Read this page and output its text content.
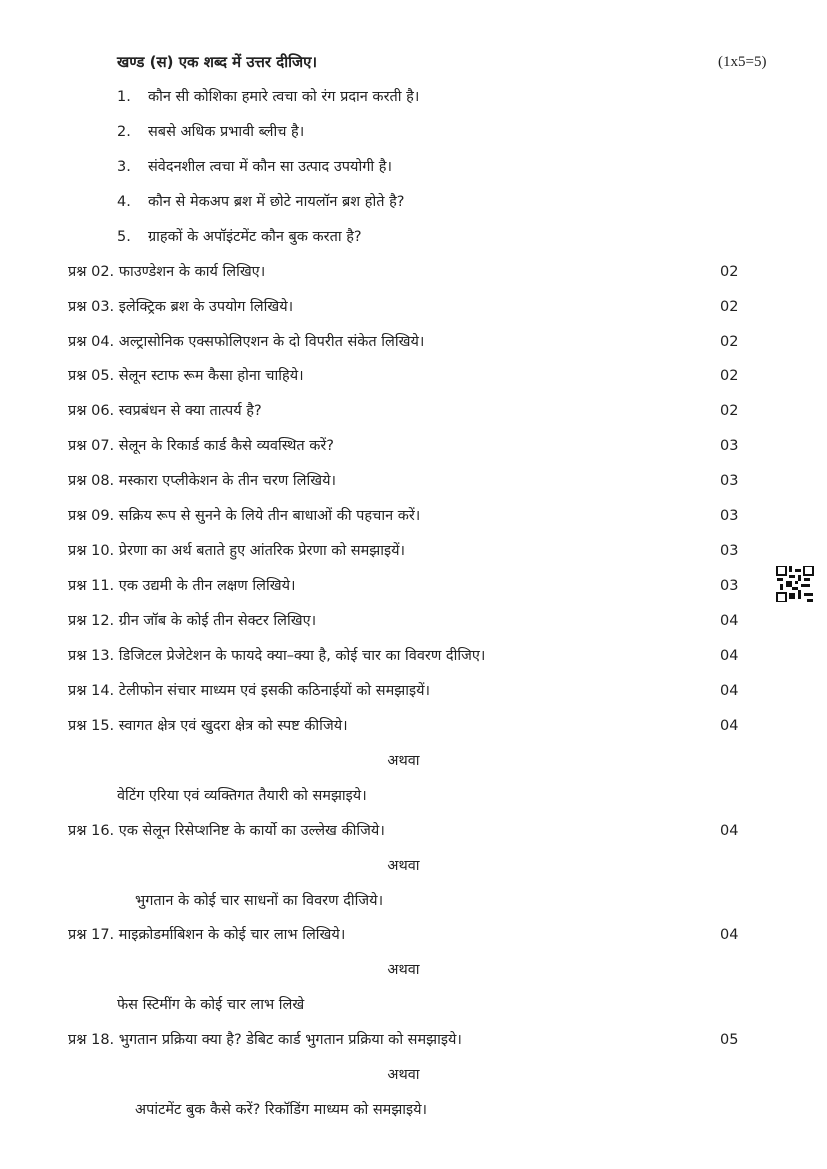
खण्ड (स) एक शब्द में उत्तर दीजिए।	(1x5=5)
1. कौन सी कोशिका हमारे त्वचा को रंग प्रदान करती है।
2. सबसे अधिक प्रभावी ब्लीच है।
3. संवेदनशील त्वचा में कौन सा उत्पाद उपयोगी है।
4. कौन से मेकअप ब्रश में छोटे नायलॉन ब्रश होते है?
5. ग्राहकों के अपॉइंटमेंट कौन बुक करता है?
प्रश्न 02. फाउण्डेशन के कार्य लिखिए।	02
प्रश्न 03. इलेक्ट्रिक ब्रश के उपयोग लिखिये।	02
प्रश्न 04. अल्ट्रासोनिक एक्सफोलिएशन के दो विपरीत संकेत लिखिये।	02
प्रश्न 05. सेलून स्टाफ रूम कैसा होना चाहिये।	02
प्रश्न 06. स्वप्रबंधन से क्या तात्पर्य है?	02
प्रश्न 07. सेलून के रिकार्ड कार्ड कैसे व्यवस्थित करें?	03
प्रश्न 08. मस्कारा एप्लीकेशन के तीन चरण लिखिये।	03
प्रश्न 09. सक्रिय रूप से सुनने के लिये तीन बाधाओं की पहचान करें।	03
प्रश्न 10. प्रेरणा का अर्थ बताते हुए आंतरिक प्रेरणा को समझाइयें।	03
प्रश्न 11. एक उद्यमी के तीन लक्षण लिखिये।	03
प्रश्न 12. ग्रीन जॉब के कोई तीन सेक्टर लिखिए।	04
प्रश्न 13. डिजिटल प्रेजेटेशन के फायदे क्या–क्या है, कोई चार का विवरण दीजिए।	04
प्रश्न 14. टेलीफोन संचार माध्यम एवं इसकी कठिनाईयों को समझाइयें।	04
प्रश्न 15. स्वागत क्षेत्र एवं खुदरा क्षेत्र को स्पष्ट कीजिये।	04
अथवा
वेटिंग एरिया एवं व्यक्तिगत तैयारी को समझाइये।
प्रश्न 16. एक सेलून रिसेप्शनिष्ट के कार्यो का उल्लेख कीजिये।	04
अथवा
भुगतान के कोई चार साधनों का विवरण दीजिये।
प्रश्न 17. माइक्रोडर्माबिशन के कोई चार लाभ लिखिये।	04
अथवा
फेस स्टिमींग के कोई चार लाभ लिखे
प्रश्न 18. भुगतान प्रक्रिया क्या है? डेबिट कार्ड भुगतान प्रक्रिया को समझाइये।	05
अथवा
अपांटमेंट बुक कैसे करें? रिकॉडिंग माध्यम को समझाइये।
